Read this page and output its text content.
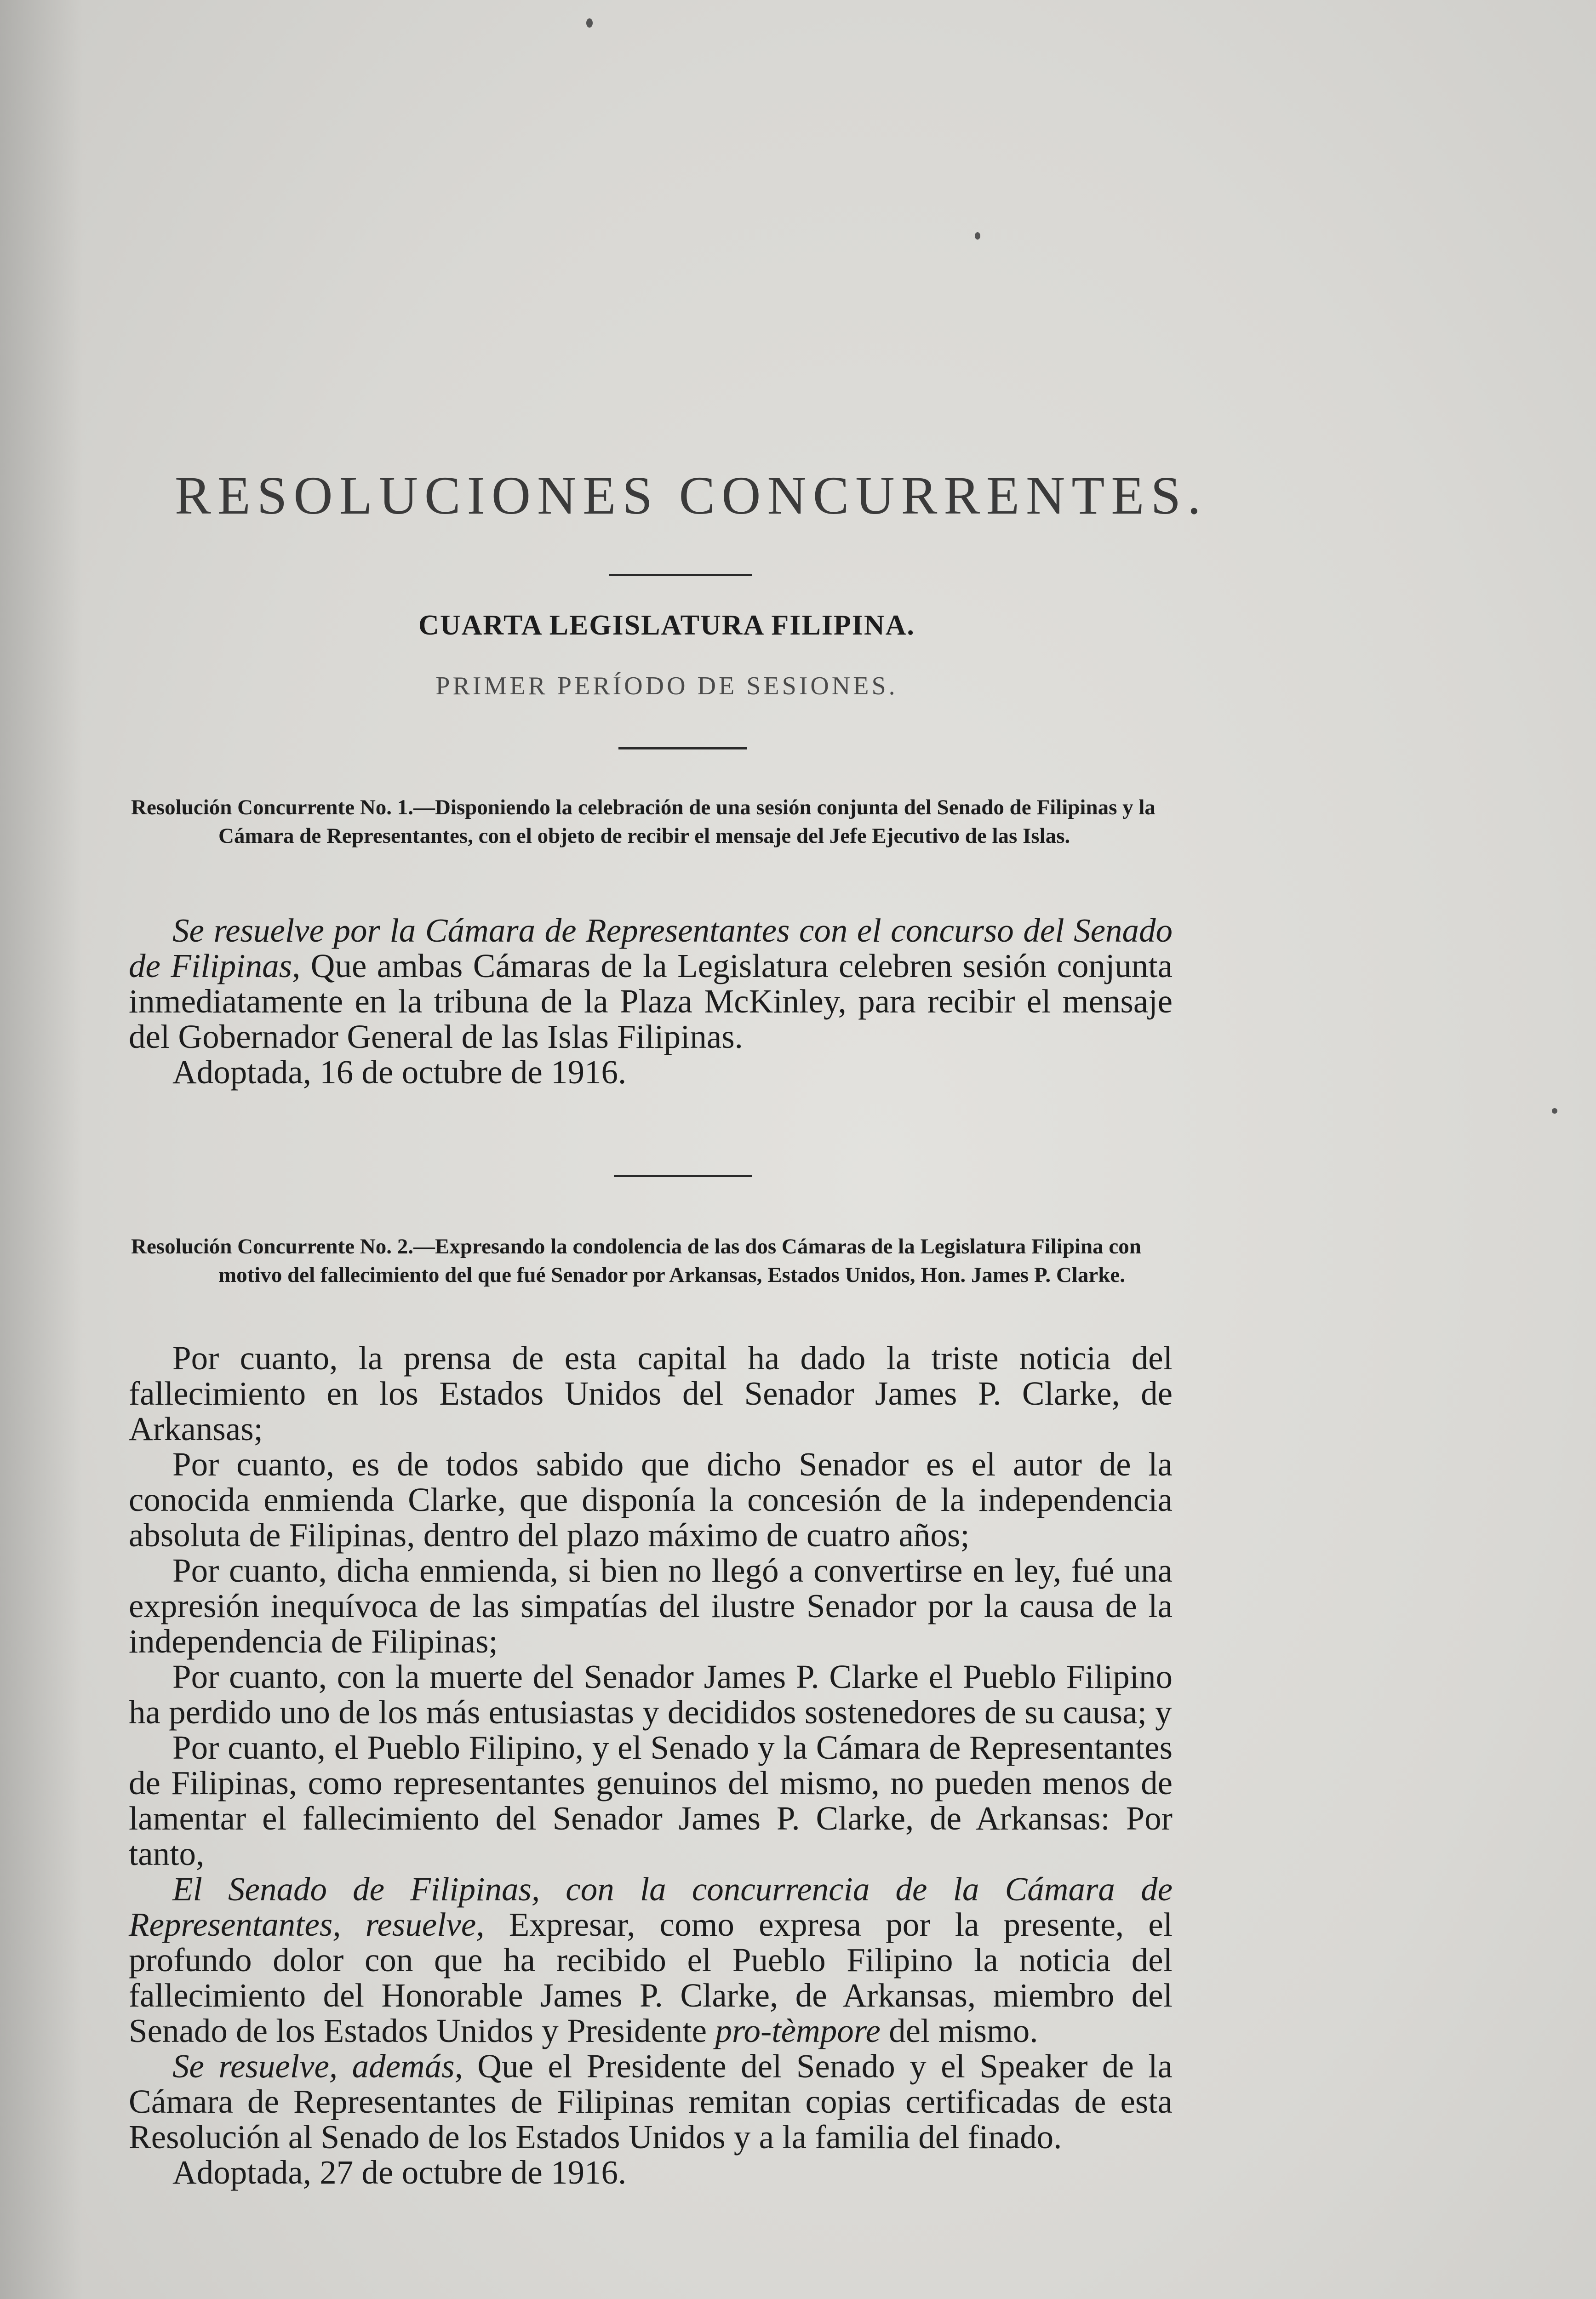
RESOLUCIONES CONCURRENTES.
CUARTA LEGISLATURA FILIPINA.
PRIMER PERÍODO DE SESIONES.

Resolución Concurrente No. 1.—Disponiendo la celebración de una sesión conjunta del Senado de Filipinas y la Cámara de Representantes, con el objeto de recibir el mensaje del Jefe Ejecutivo de las Islas.

Se resuelve por la Cámara de Representantes con el concurso del Senado de Filipinas, Que ambas Cámaras de la Legislatura celebren sesión conjunta inmediatamente en la tribuna de la Plaza McKinley, para recibir el mensaje del Gobernador General de las Islas Filipinas.

Adoptada, 16 de octubre de 1916.

Resolución Concurrente No. 2.—Expresando la condolencia de las dos Cámaras de la Legislatura Filipina con motivo del fallecimiento del que fué Senador por Arkansas, Estados Unidos, Hon. James P. Clarke.

Por cuanto, la prensa de esta capital ha dado la triste noticia del fallecimiento en los Estados Unidos del Senador James P. Clarke, de Arkansas;

Por cuanto, es de todos sabido que dicho Senador es el autor de la conocida enmienda Clarke, que disponía la concesión de la independencia absoluta de Filipinas, dentro del plazo máximo de cuatro años;

Por cuanto, dicha enmienda, si bien no llegó a convertirse en ley, fué una expresión inequívoca de las simpatías del ilustre Senador por la causa de la independencia de Filipinas;

Por cuanto, con la muerte del Senador James P. Clarke el Pueblo Filipino ha perdido uno de los más entusiastas y decididos sostenedores de su causa; y

Por cuanto, el Pueblo Filipino, y el Senado y la Cámara de Representantes de Filipinas, como representantes genuinos del mismo, no pueden menos de lamentar el fallecimiento del Senador James P. Clarke, de Arkansas: Por tanto,

El Senado de Filipinas, con la concurrencia de la Cámara de Representantes, resuelve, Expresar, como expresa por la presente, el profundo dolor con que ha recibido el Pueblo Filipino la noticia del fallecimiento del Honorable James P. Clarke, de Arkansas, miembro del Senado de los Estados Unidos y Presidente pro-tèmpore del mismo.

Se resuelve, además, Que el Presidente del Senado y el Speaker de la Cámara de Representantes de Filipinas remitan copias certificadas de esta Resolución al Senado de los Estados Unidos y a la familia del finado.

Adoptada, 27 de octubre de 1916.
